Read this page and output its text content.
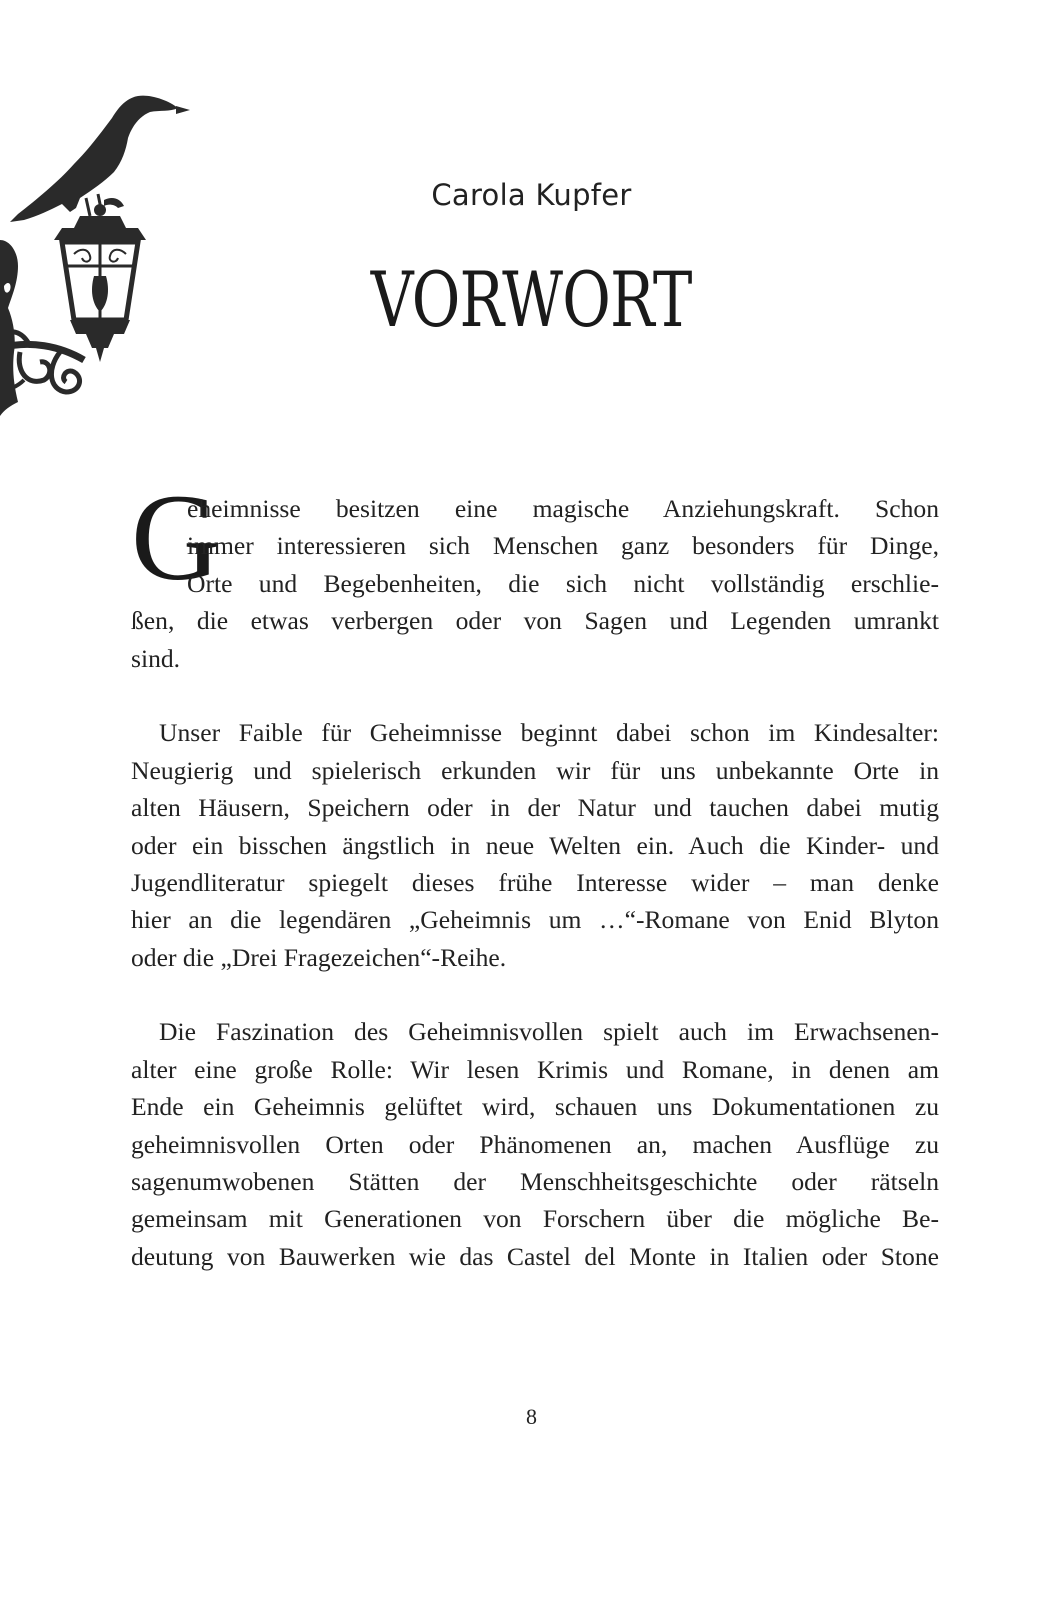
Carola Kupfer
VORWORT
G
eheimnisse besitzen eine magische Anziehungskraft. Schon
immer interessieren sich Menschen ganz besonders für Dinge,
Orte und Begebenheiten, die sich nicht vollständig erschlie-
ßen, die etwas verbergen oder von Sagen und Legenden umrankt
sind.
Unser Faible für Geheimnisse beginnt dabei schon im Kindesalter:
Neugierig und spielerisch erkunden wir für uns unbekannte Orte in
alten Häusern, Speichern oder in der Natur und tauchen dabei mutig
oder ein bisschen ängstlich in neue Welten ein. Auch die Kinder- und
Jugendliteratur spiegelt dieses frühe Interesse wider – man denke
hier an die legendären „Geheimnis um …“-Romane von Enid Blyton
oder die „Drei Fragezeichen“-Reihe.
Die Faszination des Geheimnisvollen spielt auch im Erwachsenen-
alter eine große Rolle: Wir lesen Krimis und Romane, in denen am
Ende ein Geheimnis gelüftet wird, schauen uns Dokumentationen zu
geheimnisvollen Orten oder Phänomenen an, machen Ausflüge zu
sagenumwobenen Stätten der Menschheitsgeschichte oder rätseln
gemeinsam mit Generationen von Forschern über die mögliche Be-
deutung von Bauwerken wie das Castel del Monte in Italien oder Stone
8
